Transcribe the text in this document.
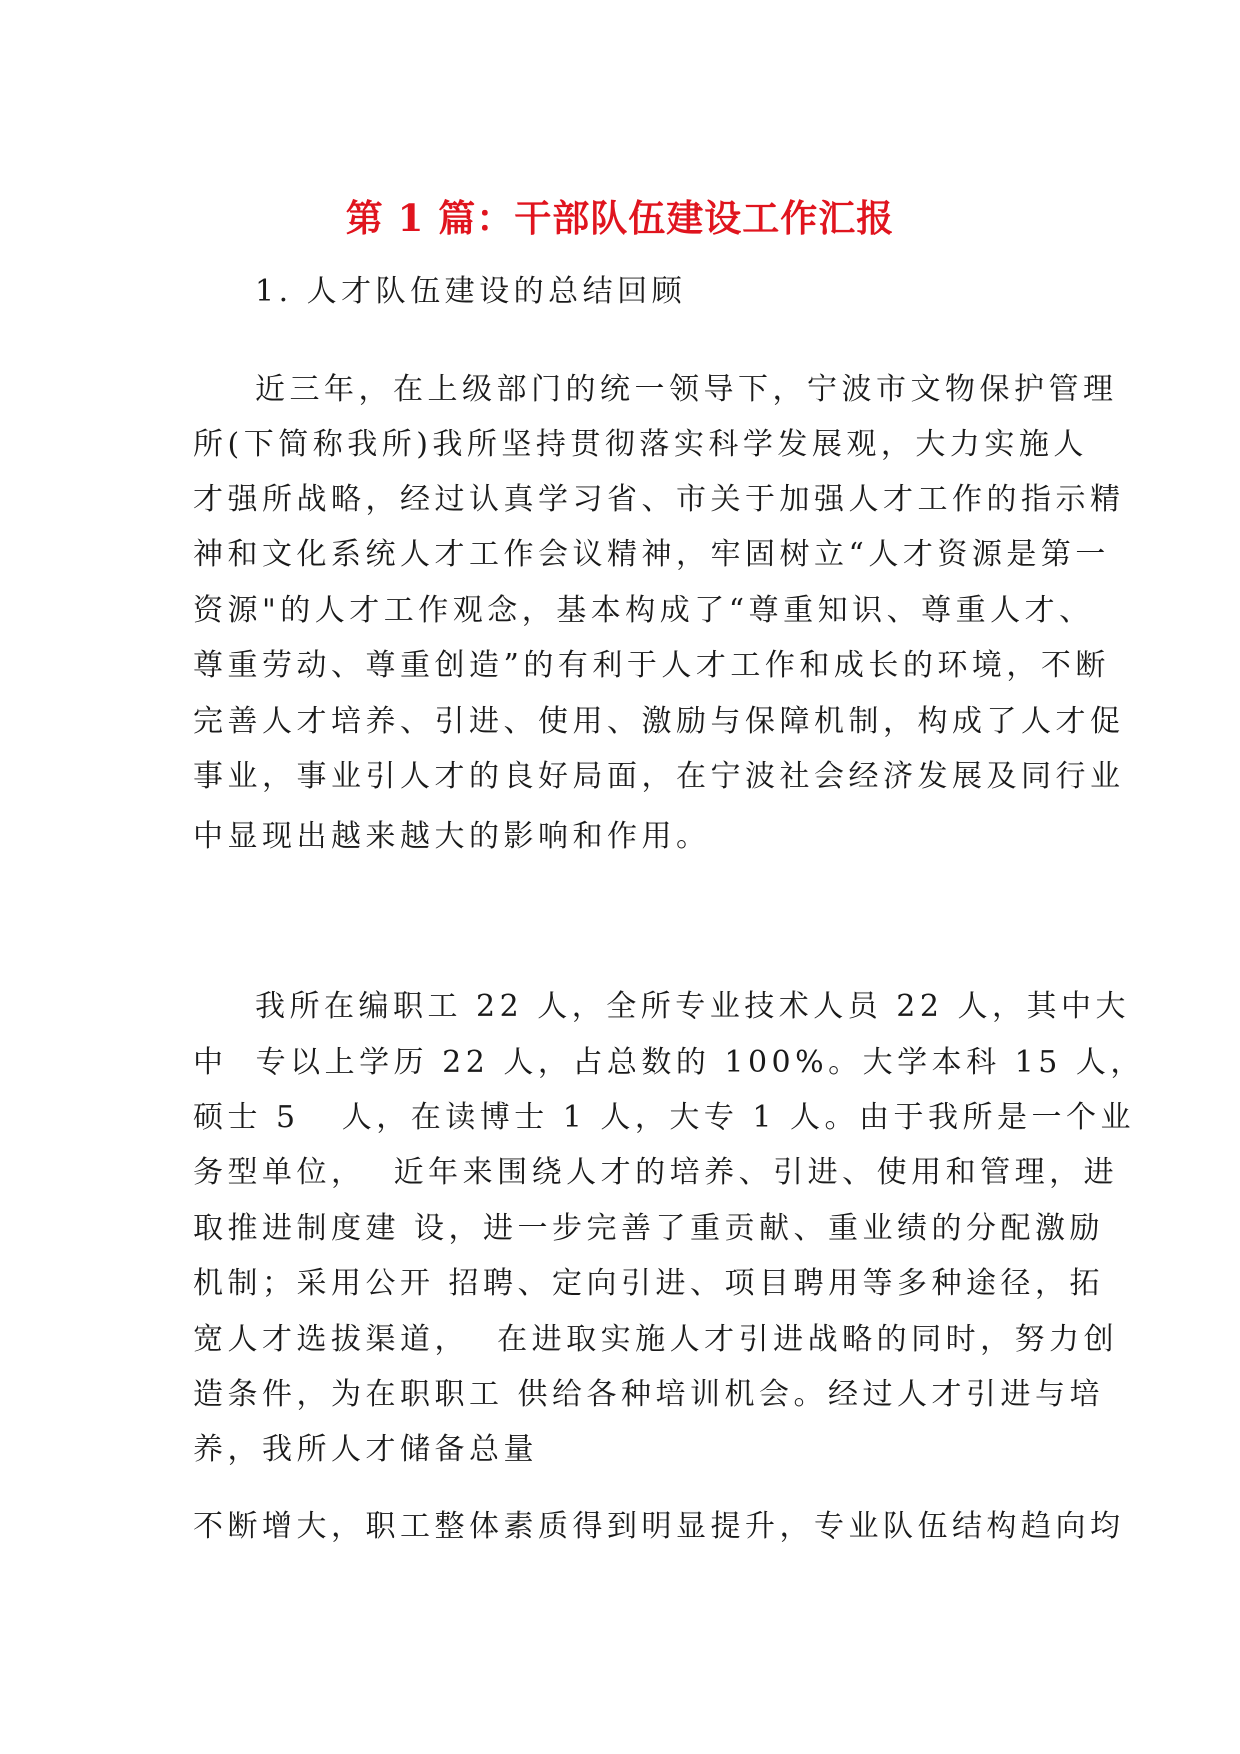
第 1 篇：干部队伍建设工作汇报

1. 人才队伍建设的总结回顾

近三年，在上级部门的统一领导下，宁波市文物保护管理

所(下简称我所)我所坚持贯彻落实科学发展观，大力实施人

才强所战略，经过认真学习省、市关于加强人才工作的指示精

神和文化系统人才工作会议精神，牢固树立“人才资源是第一

资源"的人才工作观念，基本构成了“尊重知识、尊重人才、

尊重劳动、尊重创造”的有利于人才工作和成长的环境，不断

完善人才培养、引进、使用、激励与保障机制，构成了人才促

事业，事业引人才的良好局面，在宁波社会经济发展及同行业

中显现出越来越大的影响和作用。

我所在编职工 22 人，全所专业技术人员 22 人，其中大

中  专以上学历 22 人，占总数的 100%。大学本科 15 人，

硕士 5   人，在读博士 1 人，大专 1 人。由于我所是一个业

务型单位，  近年来围绕人才的培养、引进、使用和管理，进

取推进制度建 设，进一步完善了重贡献、重业绩的分配激励

机制；采用公开 招聘、定向引进、项目聘用等多种途径，拓

宽人才选拔渠道，  在进取实施人才引进战略的同时，努力创

造条件，为在职职工 供给各种培训机会。经过人才引进与培

养，我所人才储备总量

不断增大，职工整体素质得到明显提升，专业队伍结构趋向均
